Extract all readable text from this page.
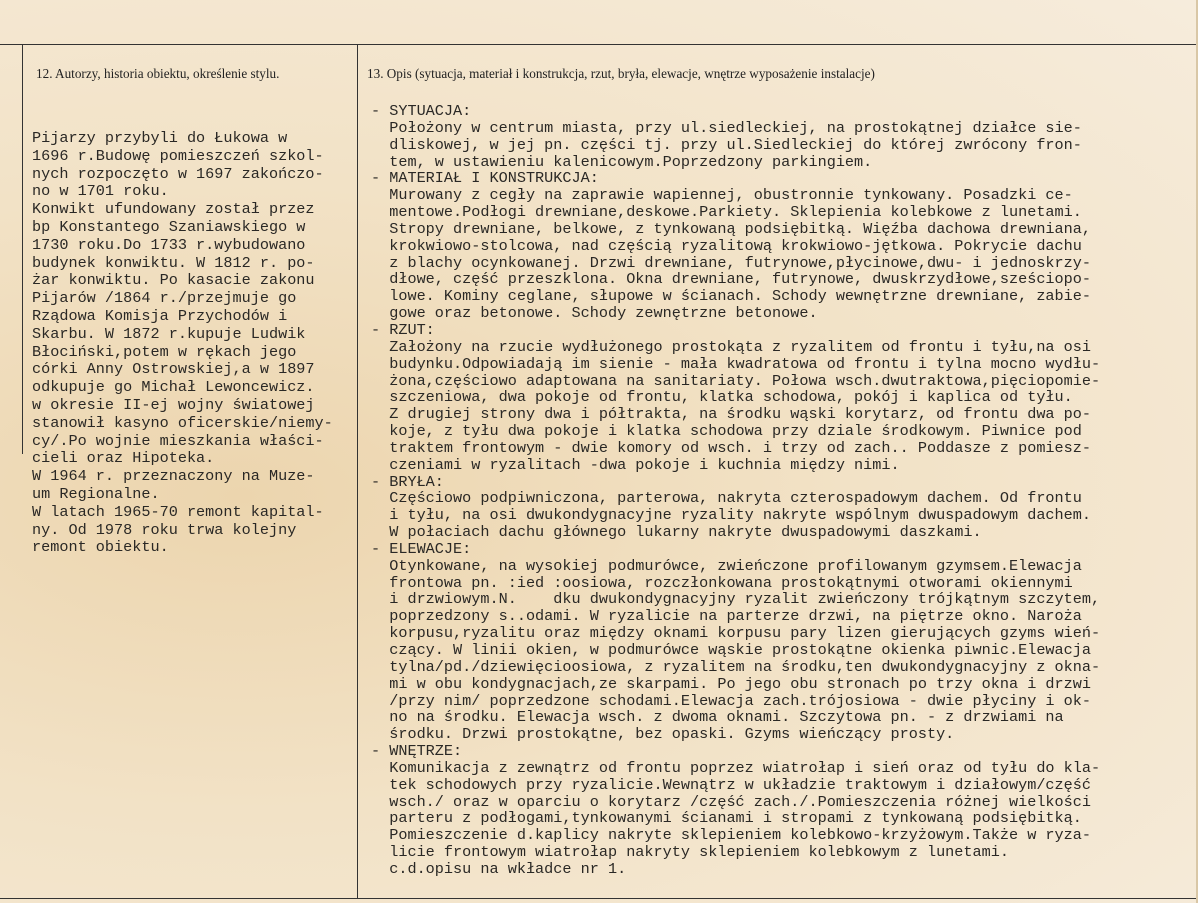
12. Autorzy, historia obiektu, określenie stylu.	13. Opis (sytuacja, materiał i konstrukcja, rzut, bryła, elewacje, wnętrze wyposażenie instalacje)
Pijarzy przybyli do Łukowa w
1696 r.Budowę pomieszczeń szkol-
nych rozpoczęto w 1697 zakończo-
no w 1701 roku.
Konwikt ufundowany został przez
bp Konstantego Szaniawskiego w
1730 roku.Do 1733 r.wybudowano
budynek konwiktu. W 1812 r. po-
żar konwiktu. Po kasacie zakonu
Pijarów /1864 r./przejmuje go
Rządowa Komisja Przychodów i
Skarbu. W 1872 r.kupuje Ludwik
Błociński,potem w rękach jego
córki Anny Ostrowskiej,a w 1897
odkupuje go Michał Lewoncewicz.
w okresie II-ej wojny światowej
stanowił kasyno oficerskie/niemy-
cy/.Po wojnie mieszkania właści-
cieli oraz Hipoteka.
W 1964 r. przeznaczony na Muze-
um Regionalne.
W latach 1965-70 remont kapital-
ny. Od 1978 roku trwa kolejny
remont obiektu.
- SYTUACJA:
Położony w centrum miasta, przy ul.siedleckiej, na prostokątnej działce sie-
dliskowej, w jej pn. części tj. przy ul.Siedleckiej do której zwrócony fron-
tem, w ustawieniu kalenicowym.Poprzedzony parkingiem.
- MATERIAŁ I KONSTRUKCJA:
Murowany z cegły na zaprawie wapiennej, obustronnie tynkowany. Posadzki ce-
mentowe.Podłogi drewniane,deskowe.Parkiety. Sklepienia kolebkowe z lunetami.
Stropy drewniane, belkowe, z tynkowaną podsiębitką. Więźba dachowa drewniana,
krokwiowo-stolcowa, nad częścią ryzalitową krokwiowo-jętkowa. Pokrycie dachu
z blachy ocynkowanej. Drzwi drewniane, futrynowe,płycinowe,dwu- i jednoskrzy-
dłowe, część przeszklona. Okna drewniane, futrynowe, dwuskrzydłowe,sześciopo-
lowe. Kominy ceglane, słupowe w ścianach. Schody wewnętrzne drewniane, zabie-
gowe oraz betonowe. Schody zewnętrzne betonowe.
- RZUT:
Założony na rzucie wydłużonego prostokąta z ryzalitem od frontu i tyłu,na osi
budynku.Odpowiadają im sienie - mała kwadratowa od frontu i tylna mocno wydłu-
żona,częściowo adaptowana na sanitariaty. Połowa wsch.dwutraktowa,pięciopomie-
szczeniowa, dwa pokoje od frontu, klatka schodowa, pokój i kaplica od tyłu.
Z drugiej strony dwa i półtrakta, na środku wąski korytarz, od frontu dwa po-
koje, z tyłu dwa pokoje i klatka schodowa przy dziale środkowym. Piwnice pod
traktem frontowym - dwie komory od wsch. i trzy od zach.. Poddasze z pomiesz-
czeniami w ryzalitach -dwa pokoje i kuchnia między nimi.
- BRYŁA:
Częściowo podpiwniczona, parterowa, nakryta czterospadowym dachem. Od frontu
i tyłu, na osi dwukondygnacyjne ryzality nakryte wspólnym dwuspadowym dachem.
W połaciach dachu głównego lukarny nakryte dwuspadowymi daszkami.
- ELEWACJE:
Otynkowane, na wysokiej podmurówce, zwieńczone profilowanym gzymsem.Elewacja
frontowa pn. :ied :oosiowa, rozczłonkowana prostokątnymi otworami okiennymi
i drzwiowym.N.    dku dwukondygnacyjny ryzalit zwieńczony trójkątnym szczytem,
poprzedzony s..odami. W ryzalicie na parterze drzwi, na piętrze okno. Naroża
korpusu,ryzalitu oraz między oknami korpusu pary lizen gierujących gzyms wień-
czący. W linii okien, w podmurówce wąskie prostokątne okienka piwnic.Elewacja
tylna/pd./dziewięcioosiowa, z ryzalitem na środku,ten dwukondygnacyjny z okna-
mi w obu kondygnacjach,ze skarpami. Po jego obu stronach po trzy okna i drzwi
/przy nim/ poprzedzone schodami.Elewacja zach.trójosiowa - dwie płyciny i ok-
no na środku. Elewacja wsch. z dwoma oknami. Szczytowa pn. - z drzwiami na
środku. Drzwi prostokątne, bez opaski. Gzyms wieńczący prosty.
- WNĘTRZE:
Komunikacja z zewnątrz od frontu poprzez wiatrołap i sień oraz od tyłu do kla-
tek schodowych przy ryzalicie.Wewnątrz w układzie traktowym i działowym/część
wsch./ oraz w oparciu o korytarz /część zach./.Pomieszczenia różnej wielkości
parteru z podłogami,tynkowanymi ścianami i stropami z tynkowaną podsiębitką.
Pomieszczenie d.kaplicy nakryte sklepieniem kolebkowo-krzyżowym.Także w ryza-
licie frontowym wiatrołap nakryty sklepieniem kolebkowym z lunetami.
c.d.opisu na wkładce nr 1.
